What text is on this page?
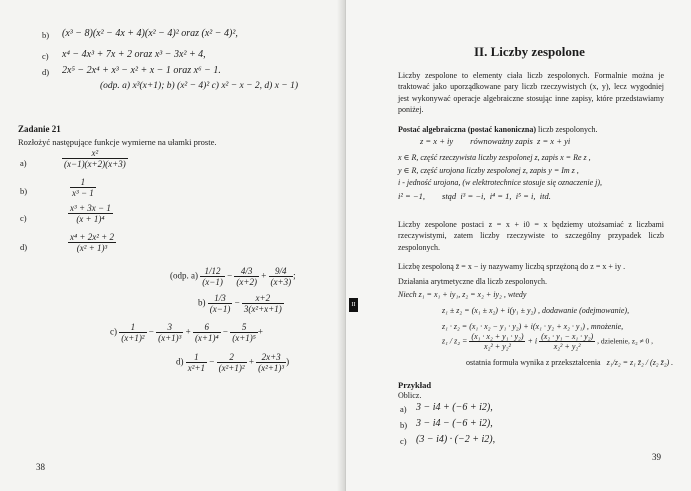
b) (x³ − 8)(x² − 4x + 4)(x² − 4)² oraz (x² − 4)²,
c) x⁴ − 4x³ + 7x + 2 oraz x³ − 3x² + 4,
d) 2x⁵ − 2x⁴ + x³ − x² + x − 1 oraz x⁶ − 1.
(odp. a) x³(x+1); b) (x² − 4)² c) x² − x − 2, d) x − 1)
Zadanie 21
Rozłożyć następujące funkcje wymierne na ułamki proste.
a)	$\frac{\text{x²}}{(x-1)(x+2)(x+3)}$
b)	$\frac{1}{\text{x³ − 1}}$
c)	$\frac{\text{x³ + 3x − 1}}{\text{(x + 1)⁴}}$
d)	$\frac{\text{x⁴ + 2x² + 2}}{\text{(x² + 1)³}}$
(odp. $a) \frac{1/12}{(x-1)} - \frac{4/3}{(x+2)} + \frac{9/4}{(x+3)}$ ;
$b) \frac{1/3}{(x-1)} - \frac{x+2}{\text{3(x²+x+1)}}$
$c) \frac{1}{\text{(x+1)²}} - \frac{3}{\text{(x+1)³}} + \frac{6}{\text{(x+1)⁴}} - \frac{5}{\text{(x+1)⁵}}$ +
$d) \frac{1}{\text{x²+1}} - \frac{2}{\text{(x²+1)²}} + \frac{2x+3}{\text{(x²+1)³}}$ )
38
II. Liczby zespolone
Liczby zespolone to elementy ciała liczb zespolonych. Formalnie można je traktować jako uporządkowane pary liczb rzeczywistych (x, y), lecz wygodniej jest wykonywać operacje algebraiczne stosując inne zapisy, które przedstawiamy poniżej.
Postać algebraiczna (postać kanoniczna) liczb zespolonych.
z = x + iy        równoważny zapis  z = x + yi
x ∈ R, część rzeczywista liczby zespolonej z, zapis x = Re z ,
y ∈ R, część urojona liczby zespolonej z, zapis y = Im z ,
i - jedność urojona, (w elektrotechnice stosuje się oznaczenie j),
i² = −1,        stąd  i³ = −i,  i⁴ = 1,  i⁵ = i,  itd.
Liczby zespolone postaci z = x + i0 = x będziemy utożsamiać z liczbami rzeczywistymi, zatem liczby rzeczywiste to szczególny przypadek liczb zespolonych.
Liczbę zespoloną z̄ = x − iy nazywamy liczbą sprzężoną do z = x + iy .
Działania arytmetyczne dla liczb zespolonych.
Niech z₁ = x₁ + iy₁, z₂ = x₂ + iy₂ , wtedy
z₁ ± z₂ = (x₁ ± x₂) + i(y₁ ± y₂) , dodawanie (odejmowanie),
z₁ · z₂ = (x₁ · x₂ − y₁ · y₂) + i(x₁ · y₂ + x₂ · y₁) , mnożenie,
$z_1 / z_2 = \frac{\text{(x₁ · x₂ + y₁ · y₂)}}{\text{x₂² + y₂²}} + i \frac{\text{(x₂ · y₁ − x₁ · y₂)}}{\text{x₂² + y₂²}}$ , dzielenie, z₂ ≠ 0 ,
ostatnia formuła wynika z przekształcenia z₁/z₂ = z₁ z̄₂ / (z₂ z̄₂) .
Przykład
Oblicz.
a) 3 − i4 + (−6 + i2),
b) 3 − i4 − (−6 + i2),
c) (3 − i4) · (−2 + i2),
39
II
